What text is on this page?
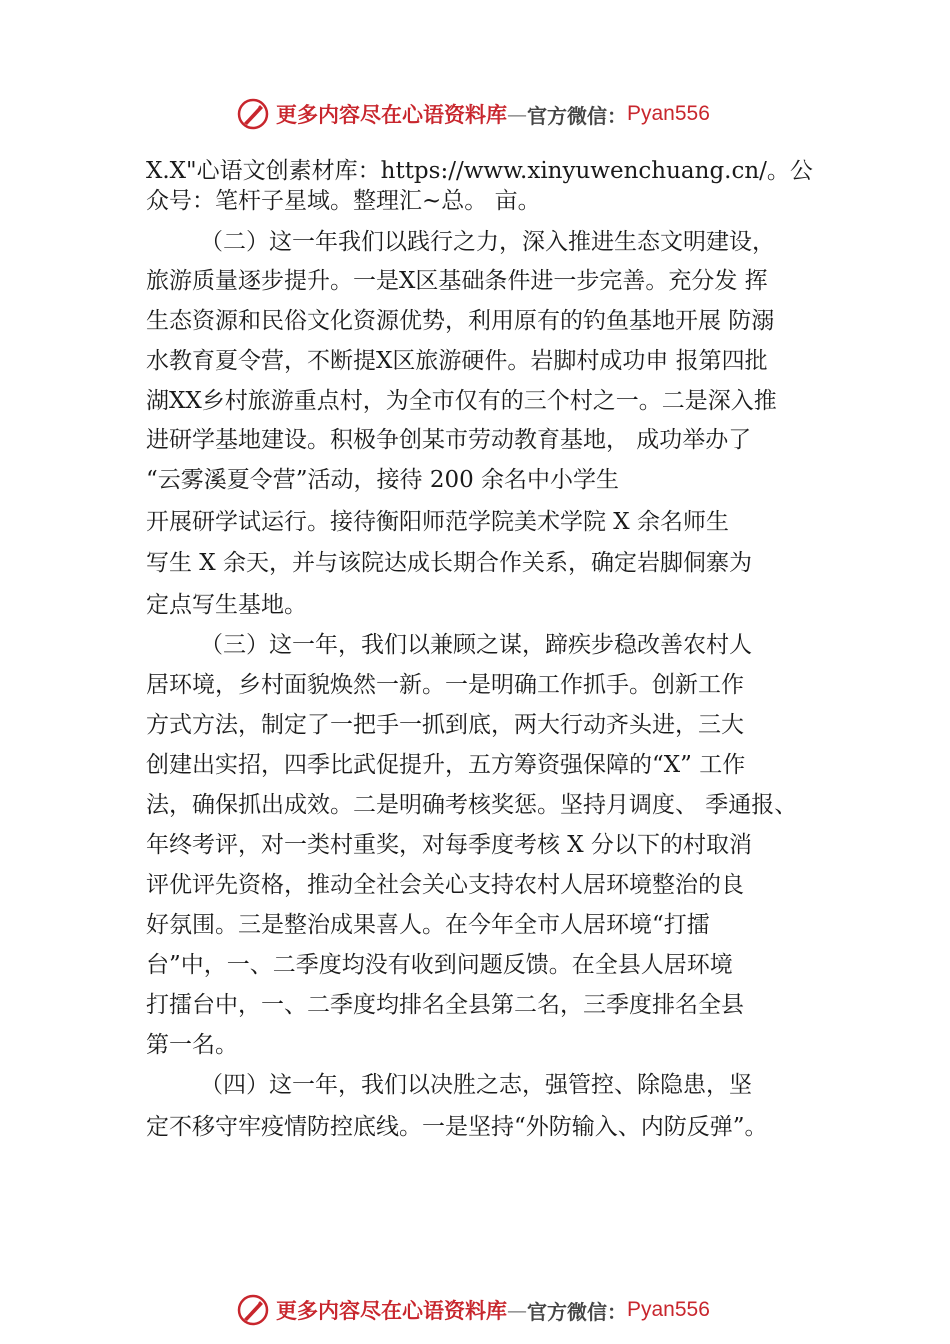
更多内容尽在心语资料库 — 官方微信： Pyan556
X.X"心语文创素材库：https://www.xinyuwenchuang.cn/。公
众号：笔杆子星域。整理汇~总。 亩。
（二）这一年我们以践行之力，深入推进生态文明建设，
旅游质量逐步提升。一是X区基础条件进一步完善。充分发 挥
生态资源和民俗文化资源优势，利用原有的钓鱼基地开展 防溺
水教育夏令营，不断提X区旅游硬件。岩脚村成功申 报第四批
湖XX乡村旅游重点村，为全市仅有的三个村之一。二是深入推
进研学基地建设。积极争创某市劳动教育基地， 成功举办了
“云雾溪夏令营”活动，接待 200 余名中小学生
开展研学试运行。接待衡阳师范学院美术学院 X 余名师生
写生 X 余天，并与该院达成长期合作关系，确定岩脚侗寨为
定点写生基地。
（三）这一年，我们以兼顾之谋，蹄疾步稳改善农村人
居环境，乡村面貌焕然一新。一是明确工作抓手。创新工作
方式方法，制定了一把手一抓到底，两大行动齐头进，三大
创建出实招，四季比武促提升，五方筹资强保障的“X” 工作
法，确保抓出成效。二是明确考核奖惩。坚持月调度、 季通报、
年终考评，对一类村重奖，对每季度考核 X 分以下的村取消
评优评先资格，推动全社会关心支持农村人居环境整治的良
好氛围。三是整治成果喜人。在今年全市人居环境“打擂
台”中，一、二季度均没有收到问题反馈。在全县人居环境
打擂台中，一、二季度均排名全县第二名，三季度排名全县
第一名。
（四）这一年，我们以决胜之志，强管控、除隐患，坚
定不移守牢疫情防控底线。一是坚持“外防输入、内防反弹”。
更多内容尽在心语资料库 — 官方微信： Pyan556
